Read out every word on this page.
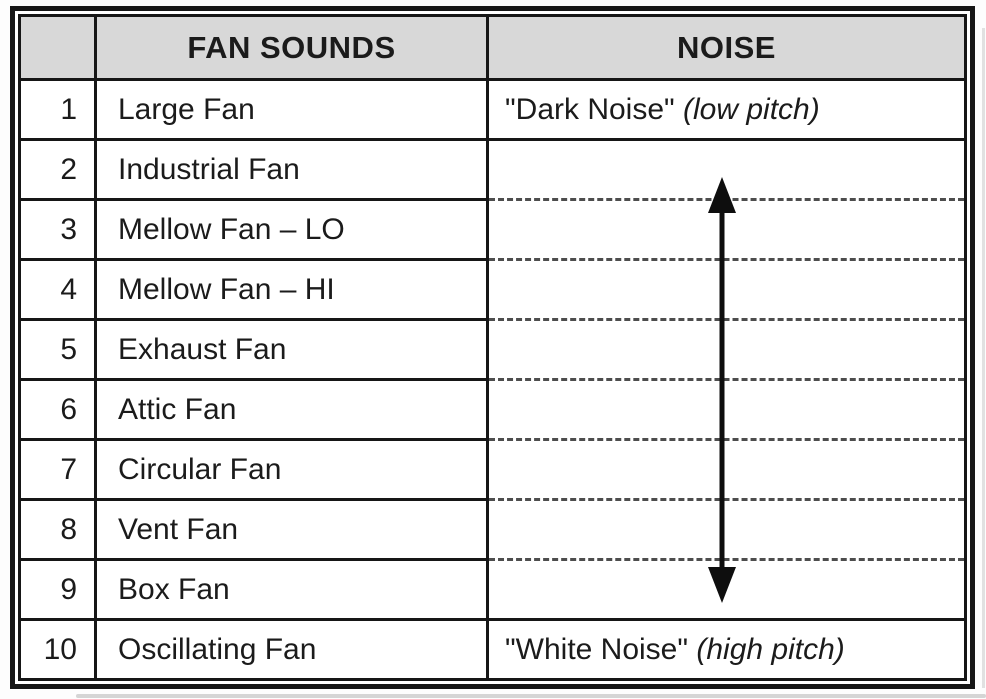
	FAN SOUNDS	NOISE
1	Large Fan	"Dark Noise" (low pitch)
2	Industrial Fan	
3	Mellow Fan – LO	
4	Mellow Fan – HI	
5	Exhaust Fan	
6	Attic Fan	
7	Circular Fan	
8	Vent Fan	
9	Box Fan	
10	Oscillating Fan	"White Noise" (high pitch)
